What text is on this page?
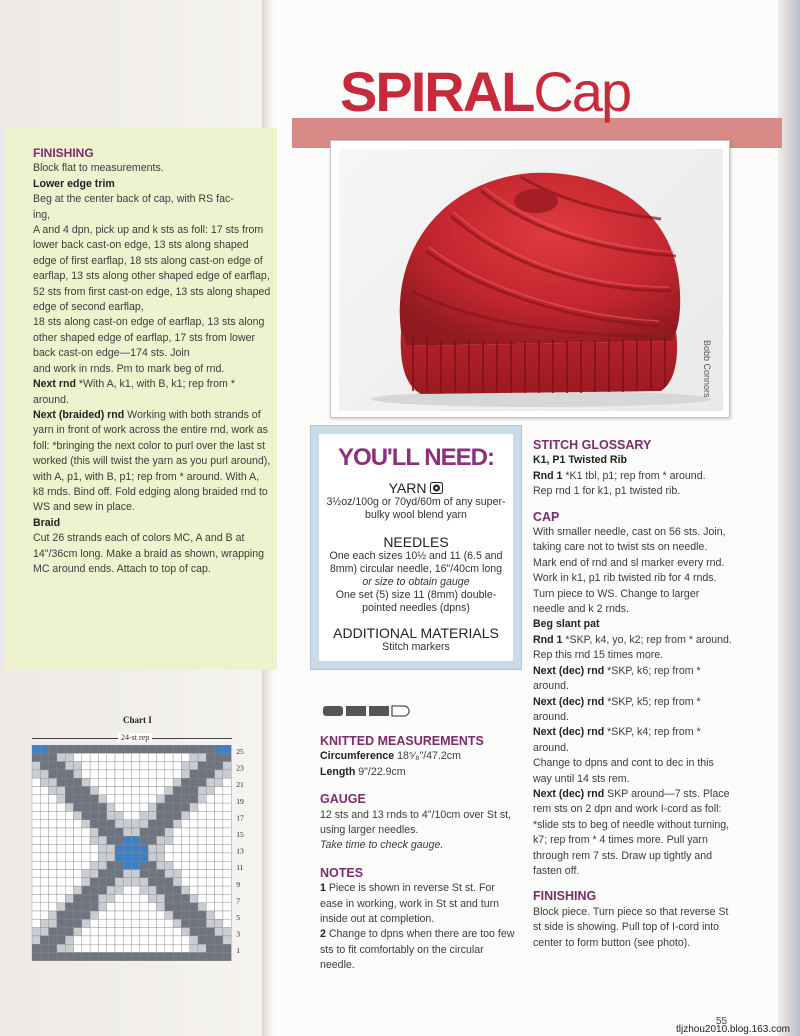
SPIRALCap
Bobb Connors
FINISHING
Block flat to measurements.
Lower edge trim
Beg at the center back of cap, with RS fac-
ing,
A and 4 dpn, pick up and k sts as foll: 17 sts from lower back cast-on edge, 13 sts along shaped edge of first earflap, 18 sts along cast-on edge of earflap, 13 sts along other shaped edge of earflap, 52 sts from first cast-on edge, 13 sts along shaped edge of second earflap,
18 sts along cast-on edge of earflap, 13 sts along other shaped edge of earflap, 17 sts from lower back cast-on edge—174 sts. Join
and work in rnds. Pm to mark beg of rnd.
Next rnd *With A, k1, with B, k1; rep from * around.
Next (braided) rnd Working with both strands of yarn in front of work across the entire rnd, work as foll: *bringing the next color to purl over the last st worked (this will twist the yarn as you purl around), with A, p1, with B, p1; rep from * around. With A, k8 rnds. Bind off. Fold edging along braided rnd to WS and sew in place.
Braid
Cut 26 strands each of colors MC, A and B at 14"/36cm long. Make a braid as shown, wrapping MC around ends. Attach to top of cap.
Chart I
24-st rep
25
23
21
19
17
15
13
11
9
7
5
3
1
YOU'LL NEED:
YARN
3½oz/100g or 70yd/60m of any super-bulky wool blend yarn
NEEDLES
One each sizes 10½ and 11 (6.5 and 8mm) circular needle, 16"/40cm long
or size to obtain gauge
One set (5) size 11 (8mm) double-pointed needles (dpns)
ADDITIONAL MATERIALS
Stitch markers
KNITTED MEASUREMENTS
Circumference 18⁵⁄₈"/47.2cm
Length 9"/22.9cm
GAUGE
12 sts and 13 rnds to 4"/10cm over St st, using larger needles.
Take time to check gauge.
NOTES
1 Piece is shown in reverse St st. For ease in working, work in St st and turn inside out at completion.
2 Change to dpns when there are too few sts to fit comfortably on the circular needle.
STITCH GLOSSARY
K1, P1 Twisted Rib
Rnd 1 *K1 tbl, p1; rep from * around.
Rep rnd 1 for k1, p1 twisted rib.
CAP
With smaller needle, cast on 56 sts. Join, taking care not to twist sts on needle. Mark end of rnd and sl marker every rnd. Work in k1, p1 rib twisted rib for 4 rnds. Turn piece to WS. Change to larger needle and k 2 rnds.
Beg slant pat
Rnd 1 *SKP, k4, yo, k2; rep from * around. Rep this rnd 15 times more.
Next (dec) rnd *SKP, k6; rep from * around.
Next (dec) rnd *SKP, k5; rep from * around.
Next (dec) rnd *SKP, k4; rep from * around.
Change to dpns and cont to dec in this way until 14 sts rem.
Next (dec) rnd SKP around—7 sts. Place rem sts on 2 dpn and work I-cord as foll: *slide sts to beg of needle without turning, k7; rep from * 4 times more. Pull yarn through rem 7 sts. Draw up tightly and fasten off.
FINISHING
Block piece. Turn piece so that reverse St st side is showing. Pull top of I-cord into center to form button (see photo).
55
tljzhou2010.blog.163.com
